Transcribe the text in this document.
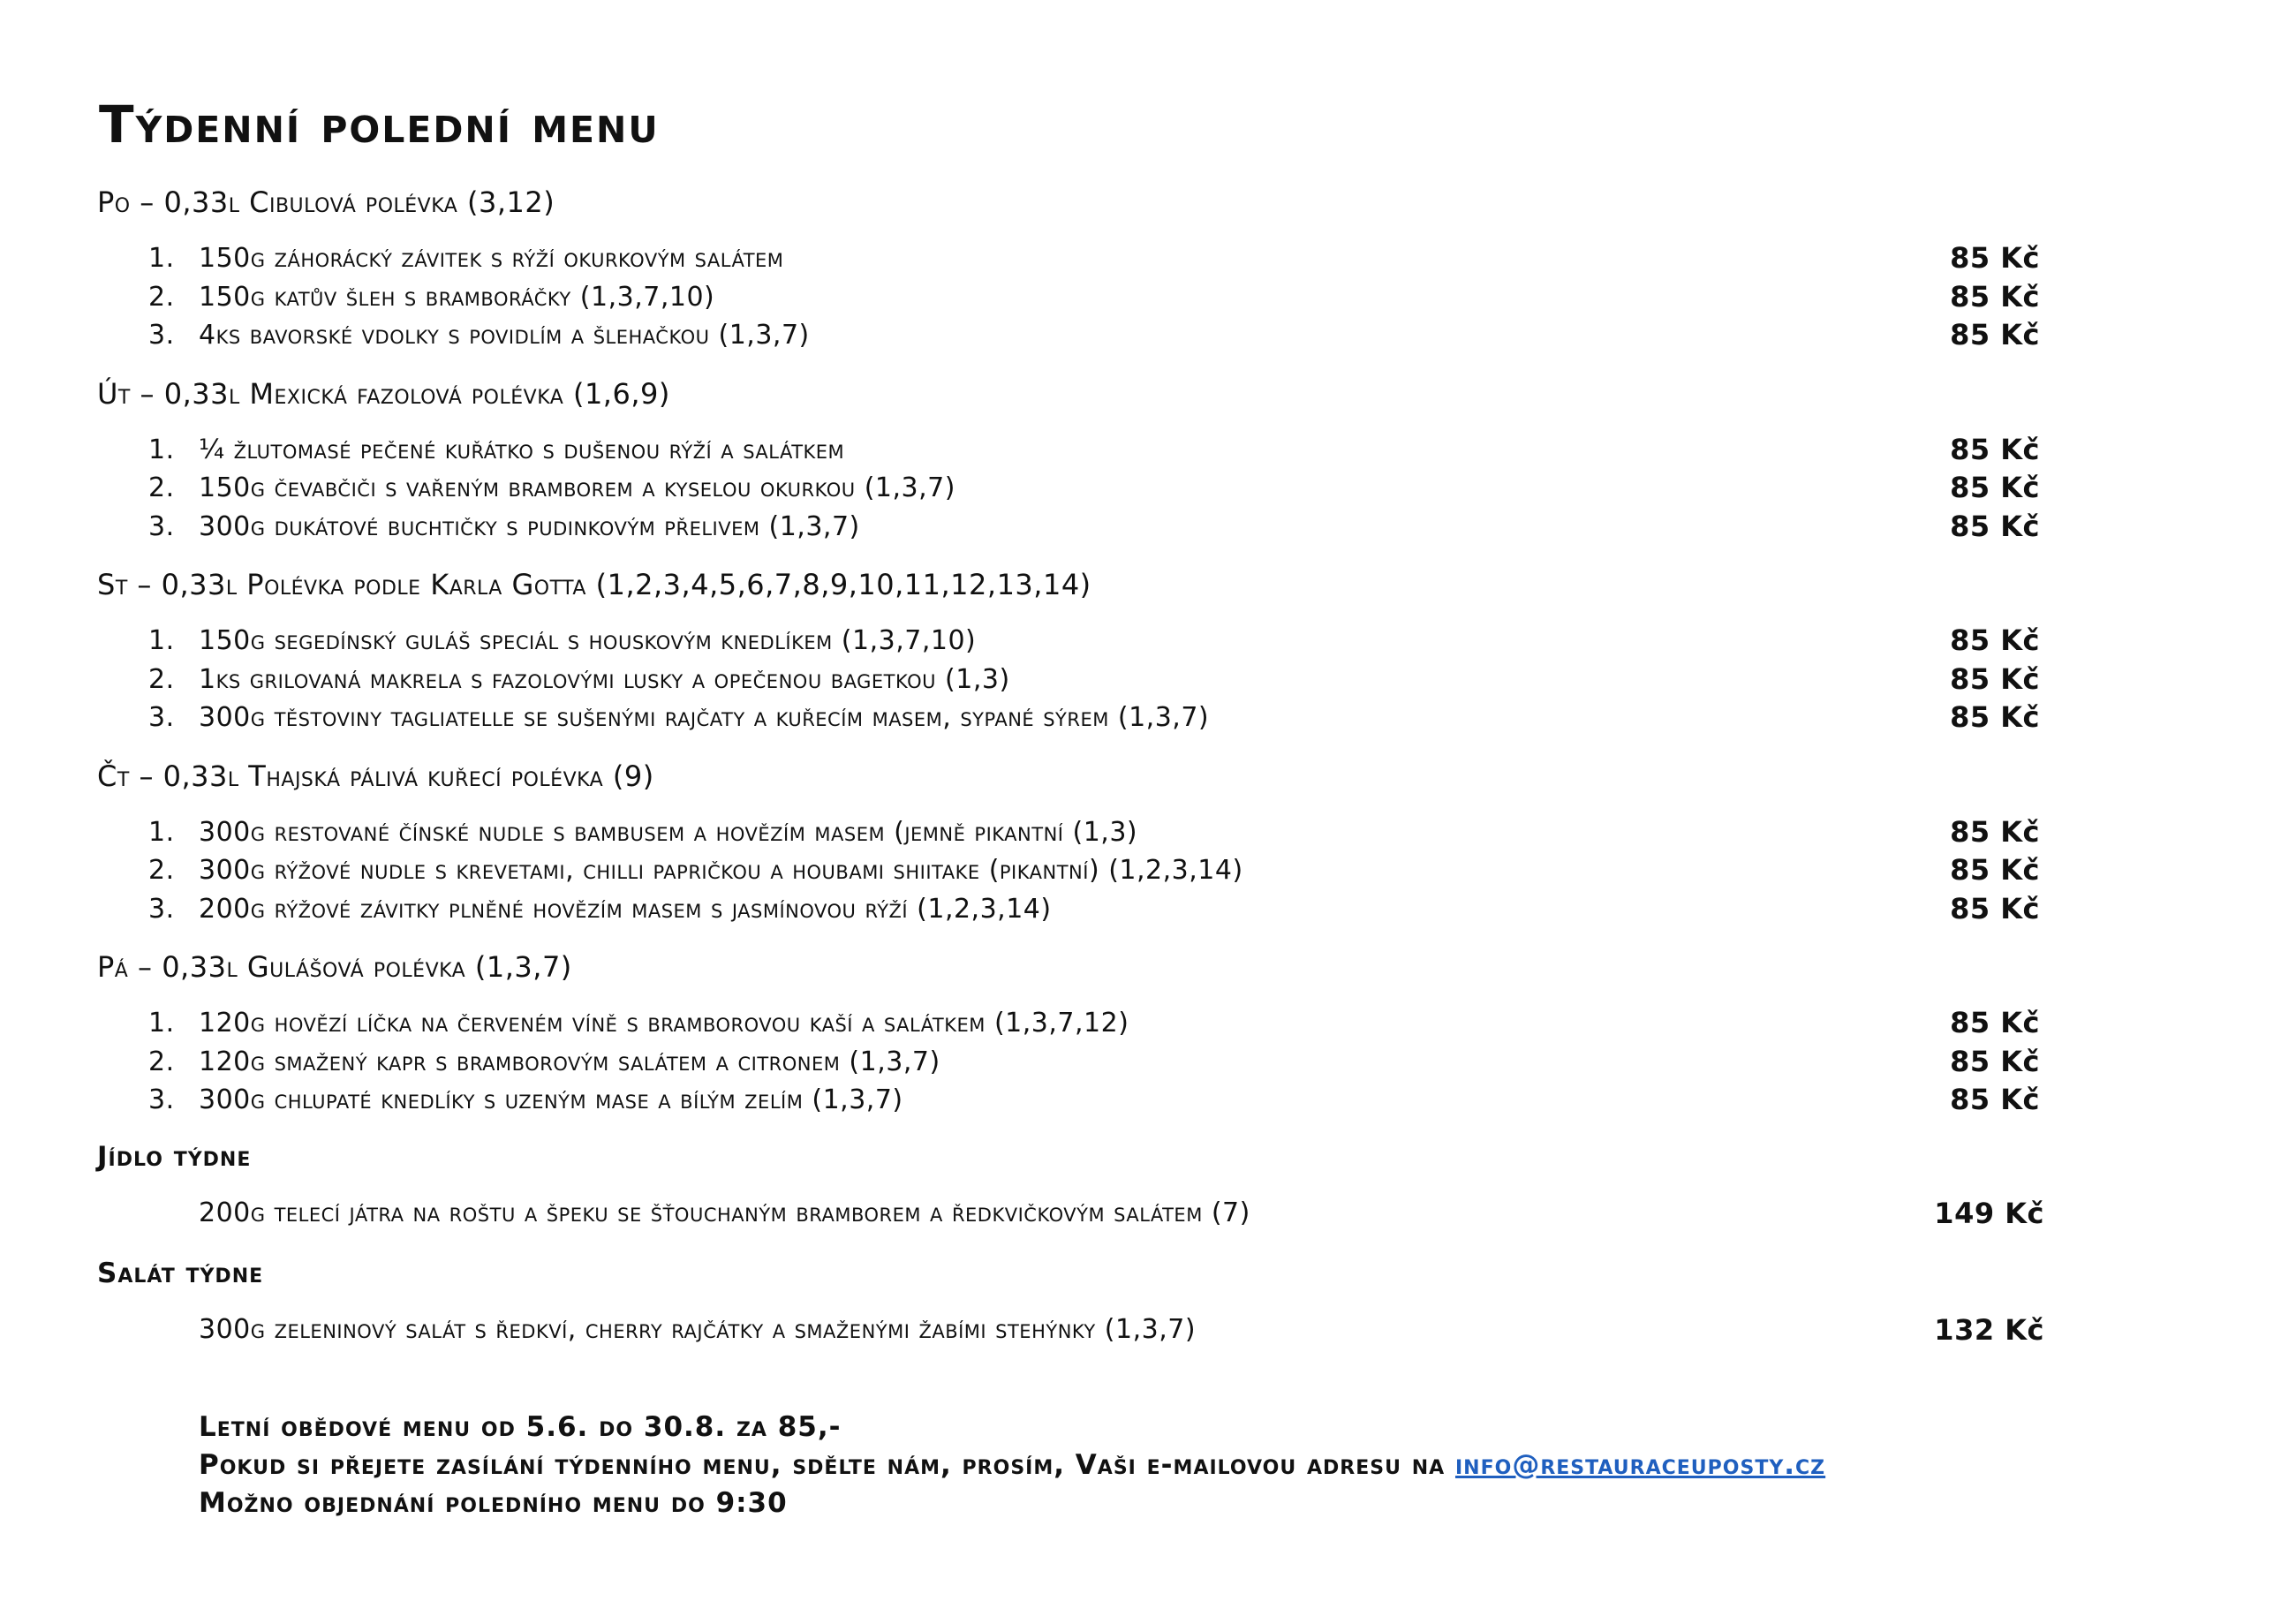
Týdenní polední menu
Po – 0,33l Cibulová polévka (3,12)
1. 150g záhorácký závitek s rýží okurkovým salátem	85 Kč
2. 150g katův šleh s bramboráčky (1,3,7,10)	85 Kč
3. 4ks bavorské vdolky s povidlím a šlehačkou (1,3,7)	85 Kč
Út – 0,33l Mexická fazolová polévka (1,6,9)
1. ¼ žlutomasé pečené kuřátko s dušenou rýží a salátkem	85 Kč
2. 150g čevabčiči s vařeným bramborem a kyselou okurkou (1,3,7)	85 Kč
3. 300g dukátové buchtičky s pudinkovým přelivem (1,3,7)	85 Kč
St – 0,33l Polévka podle Karla Gotta (1,2,3,4,5,6,7,8,9,10,11,12,13,14)
1. 150g segedínský guláš speciál s houskovým knedlíkem (1,3,7,10)	85 Kč
2. 1ks grilovaná makrela s fazolovými lusky a opečenou bagetkou (1,3)	85 Kč
3. 300g těstoviny tagliatelle se sušenými rajčaty a kuřecím masem, sypané sýrem (1,3,7)	85 Kč
Čt – 0,33l Thajská pálivá kuřecí polévka (9)
1. 300g restované čínské nudle s bambusem a hovězím masem (jemně pikantní (1,3)	85 Kč
2. 300g rýžové nudle s krevetami, chilli papričkou a houbami shiitake (pikantní) (1,2,3,14)	85 Kč
3. 200g rýžové závitky plněné hovězím masem s jasmínovou rýží (1,2,3,14)	85 Kč
Pá – 0,33l Gulášová polévka (1,3,7)
1. 120g hovězí líčka na červeném víně s bramborovou kaší a salátkem (1,3,7,12)	85 Kč
2. 120g smažený kapr s bramborovým salátem a citronem (1,3,7)	85 Kč
3. 300g chlupaté knedlíky s uzeným mase a bílým zelím (1,3,7)	85 Kč
Jídlo týdne
200g telecí játra na roštu a špeku se šťouchaným bramborem a ředkvičkovým salátem (7)	149 Kč
Salát týdne
300g zeleninový salát s ředkví, cherry rajčátky a smaženými žabími stehýnky (1,3,7)	132 Kč
Letní obědové menu od 5.6. do 30.8. za 85,-
Pokud si přejete zasílání týdenního menu, sdělte nám, prosím, Vaši e-mailovou adresu na info@restauraceuposty.cz
Možno objednání poledního menu do 9:30
